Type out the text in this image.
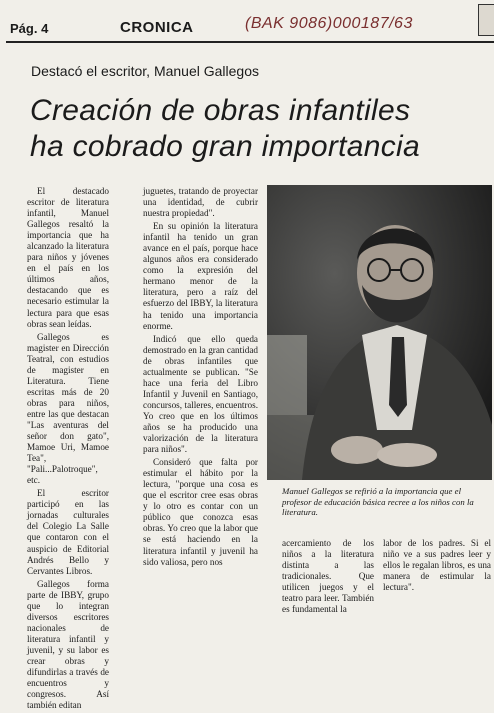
Pág. 4	CRONICA	(BAK 9086)000187/63
Destacó el escritor, Manuel Gallegos
Creación de obras infantiles
ha cobrado gran importancia

El destacado escritor de literatura infantil, Manuel Gallegos resaltó la importancia que ha alcanzado la literatura para niños y jóvenes en el país en los últimos años, destacando que es necesario estimular la lectura para que esas obras sean leídas.

Gallegos es magister en Dirección Teatral, con estudios de magister en Literatura. Tiene escritas más de 20 obras para niños, entre las que destacan "Las aventuras del señor don gato", Mamoe Uri, Mamoe Tea", "Pali...Palotroque", etc.

El escritor participó en las jornadas culturales del Colegio La Salle que contaron con el auspicio de Editorial Andrés Bello y Cervantes Libros.

Gallegos forma parte de IBBY, grupo que lo integran diversos escritores nacionales de literatura infantil y juvenil, y su labor es crear obras y difundirlas a través de encuentros y congresos. Así también editan

juguetes, tratando de proyectar una identidad, de cubrir nuestra propiedad".

En su opinión la literatura infantil ha tenido un gran avance en el país, porque hace algunos años era considerado como la expresión del hermano menor de la literatura, pero a raíz del esfuerzo del IBBY, la literatura ha tenido una importancia enorme.

Indicó que ello queda demostrado en la gran cantidad de obras infantiles que actualmente se publican. "Se hace una feria del Libro Infantil y Juvenil en Santiago, concursos, talleres, encuentros. Yo creo que en los últimos años se ha producido una valorización de la literatura para niños".

Consideró que falta por estimular el hábito por la lectura, "porque una cosa es que el escritor cree esas obras y lo otro es contar con un público que conozca esas obras. Yo creo que la labor que se está haciendo en la literatura infantil y juvenil ha sido valiosa, pero nos

Manuel Gallegos se refirió a la importancia que el profesor de educación básica recree a los niños con la literatura.

acercamiento de los niños a la literatura distinta a las tradicionales. Que utilicen juegos y el teatro para leer. También es fundamental la

labor de los padres. Si el niño ve a sus padres leer y ellos le regalan libros, es una manera de estimular la lectura".
